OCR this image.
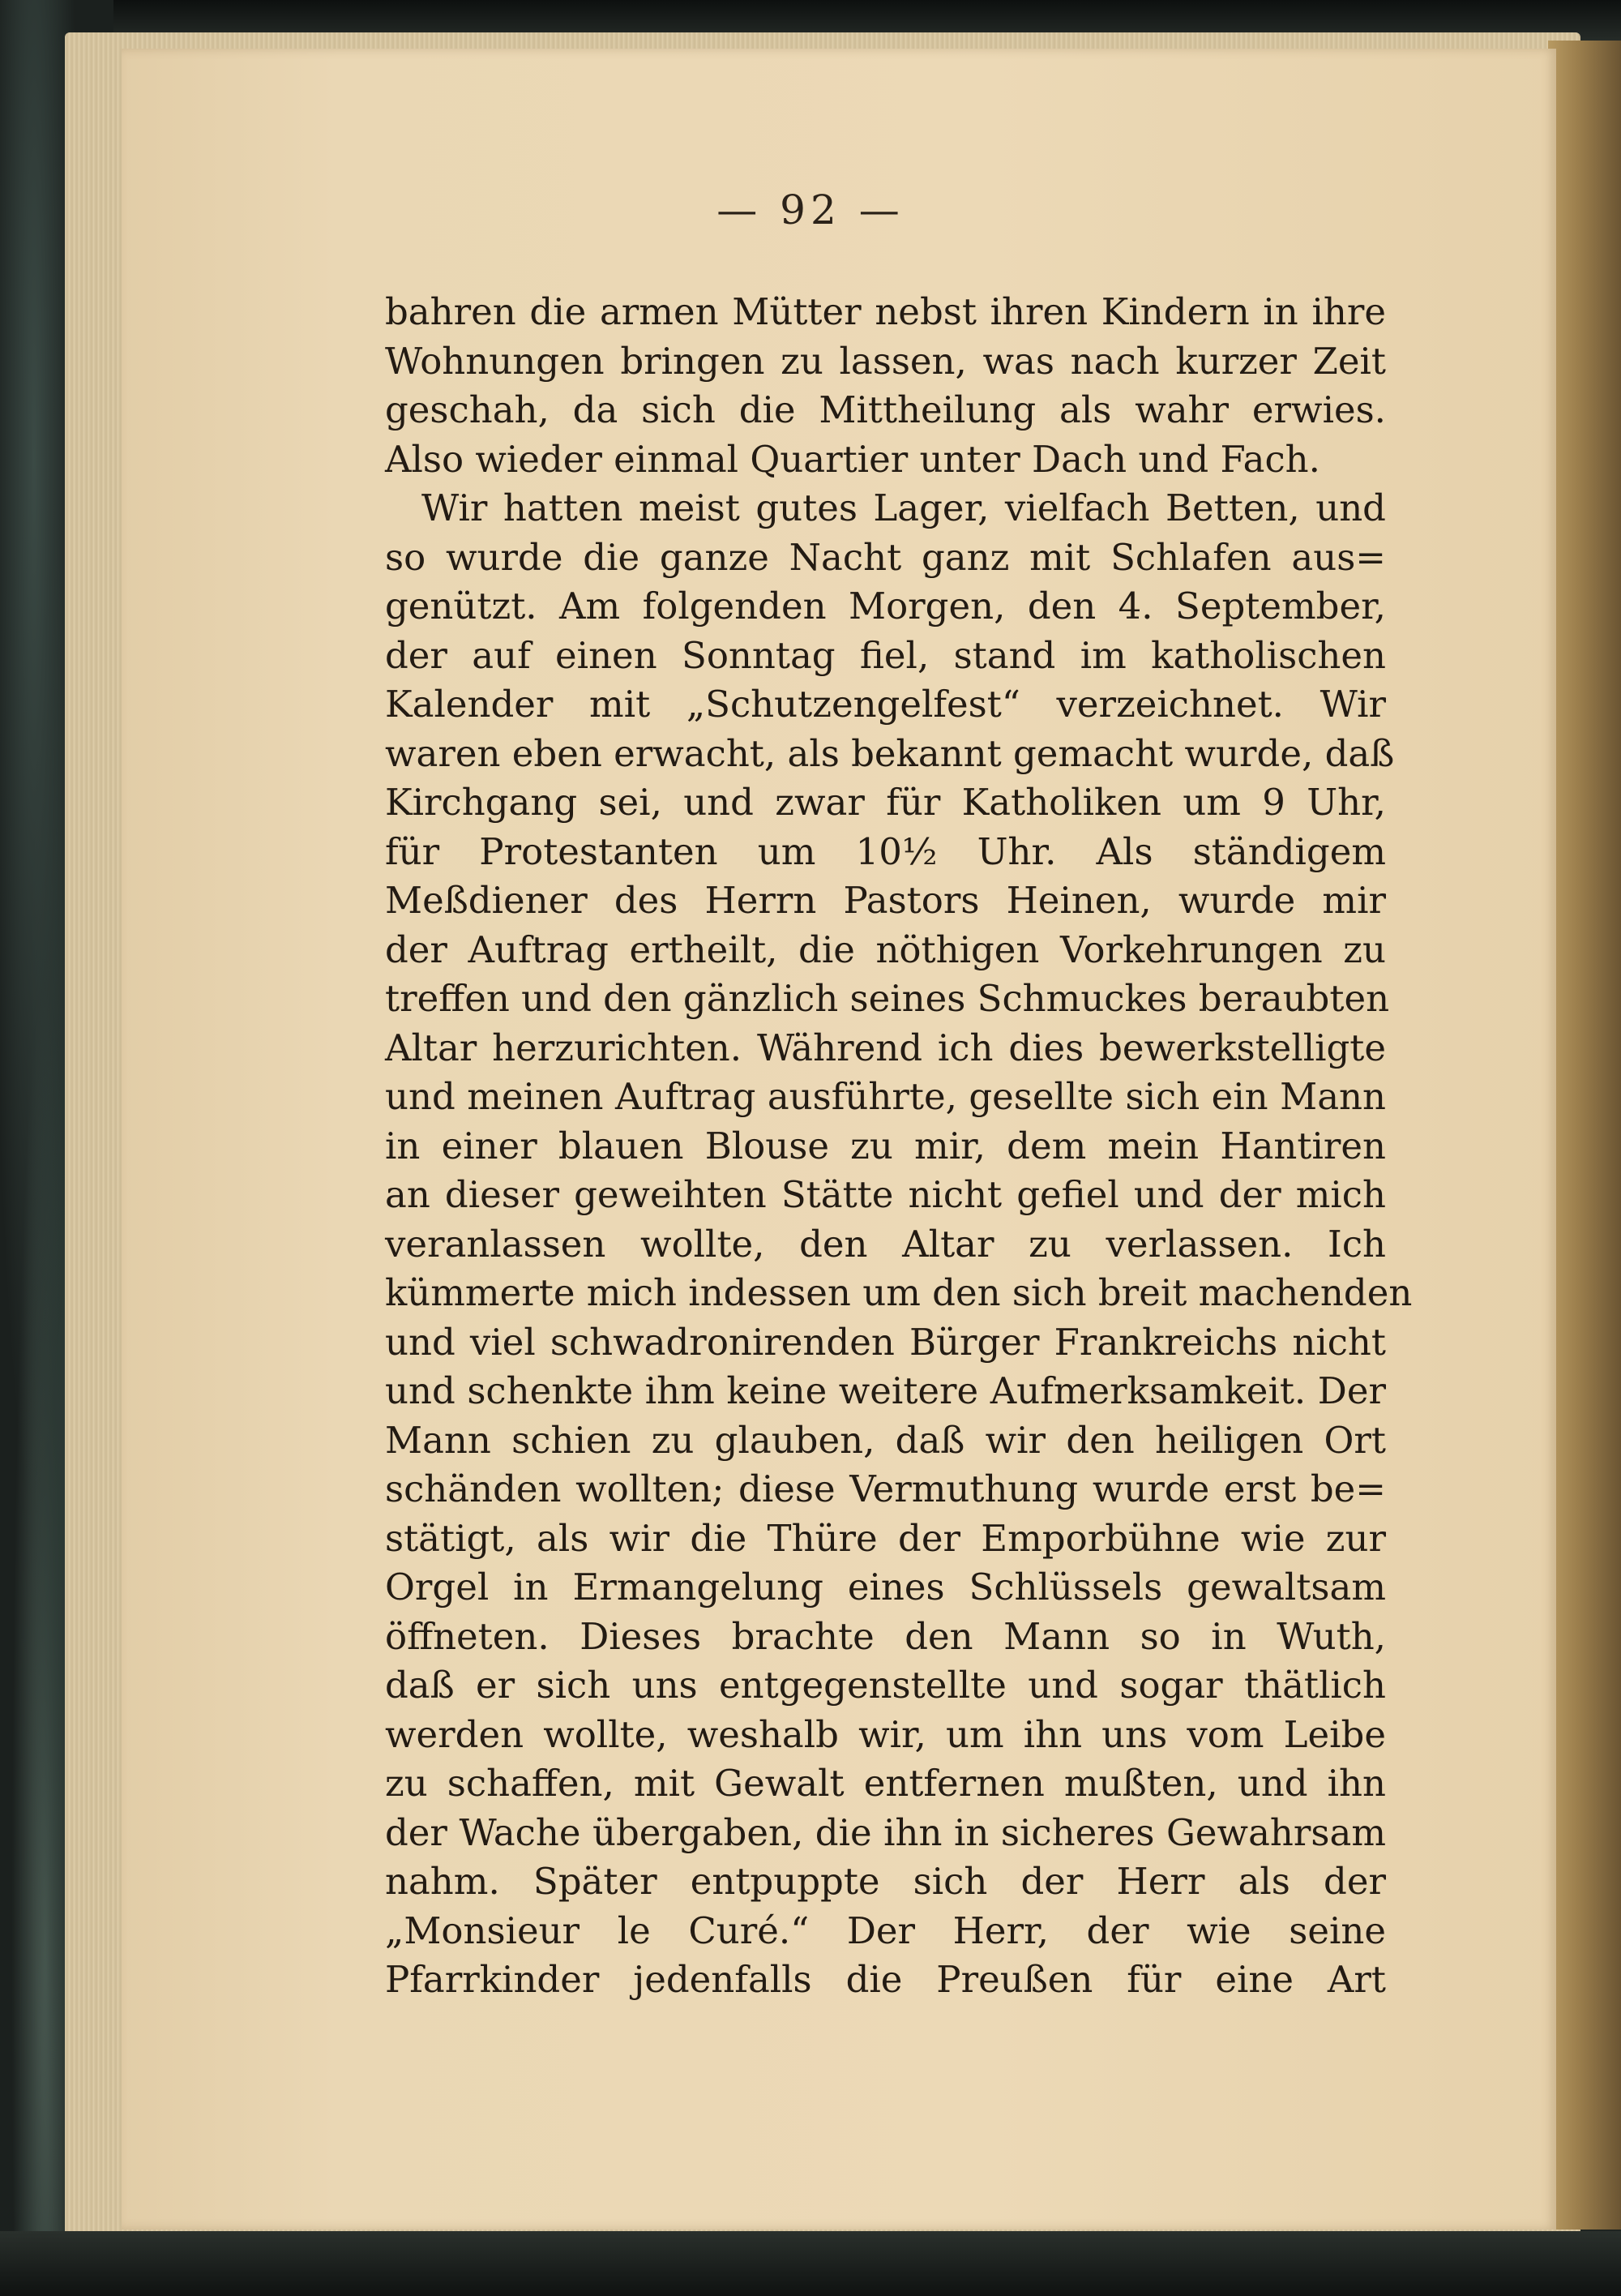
— 92 —
bahren die armen Mütter nebst ihren Kindern in ihre
Wohnungen bringen zu lassen, was nach kurzer Zeit
geschah, da sich die Mittheilung als wahr erwies.
Also wieder einmal Quartier unter Dach und Fach.
Wir hatten meist gutes Lager, vielfach Betten, und
so wurde die ganze Nacht ganz mit Schlafen aus=
genützt. Am folgenden Morgen, den 4. September,
der auf einen Sonntag fiel, stand im katholischen
Kalender mit „Schutzengelfest“ verzeichnet. Wir
waren eben erwacht, als bekannt gemacht wurde, daß
Kirchgang sei, und zwar für Katholiken um 9 Uhr,
für Protestanten um 10½ Uhr. Als ständigem
Meßdiener des Herrn Pastors Heinen, wurde mir
der Auftrag ertheilt, die nöthigen Vorkehrungen zu
treffen und den gänzlich seines Schmuckes beraubten
Altar herzurichten. Während ich dies bewerkstelligte
und meinen Auftrag ausführte, gesellte sich ein Mann
in einer blauen Blouse zu mir, dem mein Hantiren
an dieser geweihten Stätte nicht gefiel und der mich
veranlassen wollte, den Altar zu verlassen. Ich
kümmerte mich indessen um den sich breit machenden
und viel schwadronirenden Bürger Frankreichs nicht
und schenkte ihm keine weitere Aufmerksamkeit. Der
Mann schien zu glauben, daß wir den heiligen Ort
schänden wollten; diese Vermuthung wurde erst be=
stätigt, als wir die Thüre der Emporbühne wie zur
Orgel in Ermangelung eines Schlüssels gewaltsam
öffneten. Dieses brachte den Mann so in Wuth,
daß er sich uns entgegenstellte und sogar thätlich
werden wollte, weshalb wir, um ihn uns vom Leibe
zu schaffen, mit Gewalt entfernen mußten, und ihn
der Wache übergaben, die ihn in sicheres Gewahrsam
nahm. Später entpuppte sich der Herr als der
„Monsieur le Curé.“ Der Herr, der wie seine
Pfarrkinder jedenfalls die Preußen für eine Art
